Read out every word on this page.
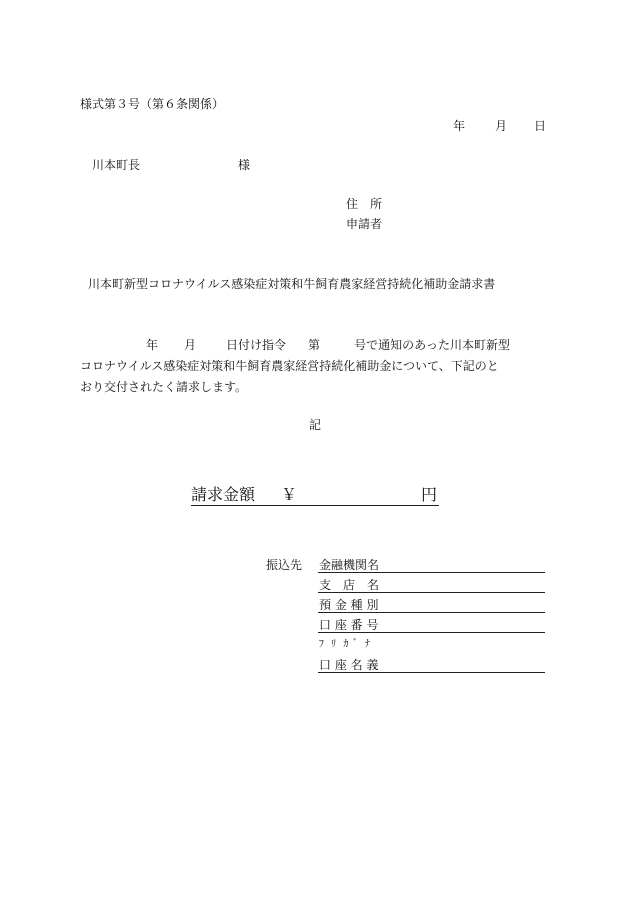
様式第３号（第６条関係）
年 月 日
川本町長	様
住　所
申請者
川本町新型コロナウイルス感染症対策和牛飼育農家経営持続化補助金請求書
年 月	日付け指令 第	号で通知のあった川本町新型
コロナウイルス感染症対策和牛飼育農家経営持続化補助金について、下記のと
おり交付されたく請求します。
記
請求金額 ￥	円
振込先 金融機関名
支　店　名
預 金 種 別
口 座 番 号
ﾌ ﾘ ｶ ﾞ ﾅ
口 座 名 義
